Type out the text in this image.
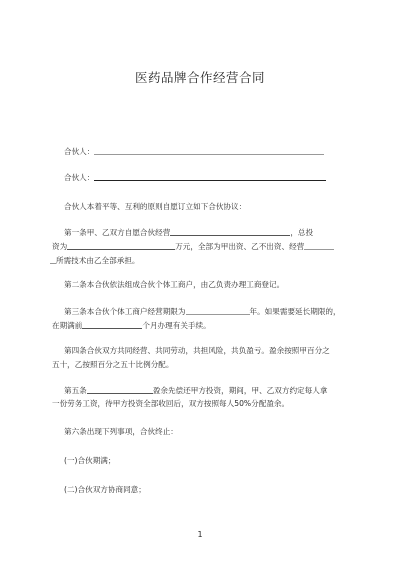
医药品牌合作经营合同
合伙人：
合伙人：
合伙人本着平等、互利的原则自愿订立如下合伙协议：
第一条甲、乙双方自愿合伙经营	，总投
资为	万元，全部为甲出资、乙不出资、经营
所需技术由乙全部承担。
第二条本合伙依法组成合伙个体工商户，由乙负责办理工商登记。
第三条本合伙个体工商户经营期限为	年。如果需要延长期限的，
在期满前	个月办理有关手续。
第四条合伙双方共同经营、共同劳动，共担风险，共负盈亏。盈余按照甲百分之
五十，乙按照百分之五十比例分配。
第五条	盈余先偿还甲方投资，期间，甲、乙双方约定每人拿
一份劳务工资，待甲方投资全部收回后，双方按照每人50%分配盈余。
第六条出现下列事项，合伙终止：
(一)合伙期满；
(二)合伙双方协商同意；
1
